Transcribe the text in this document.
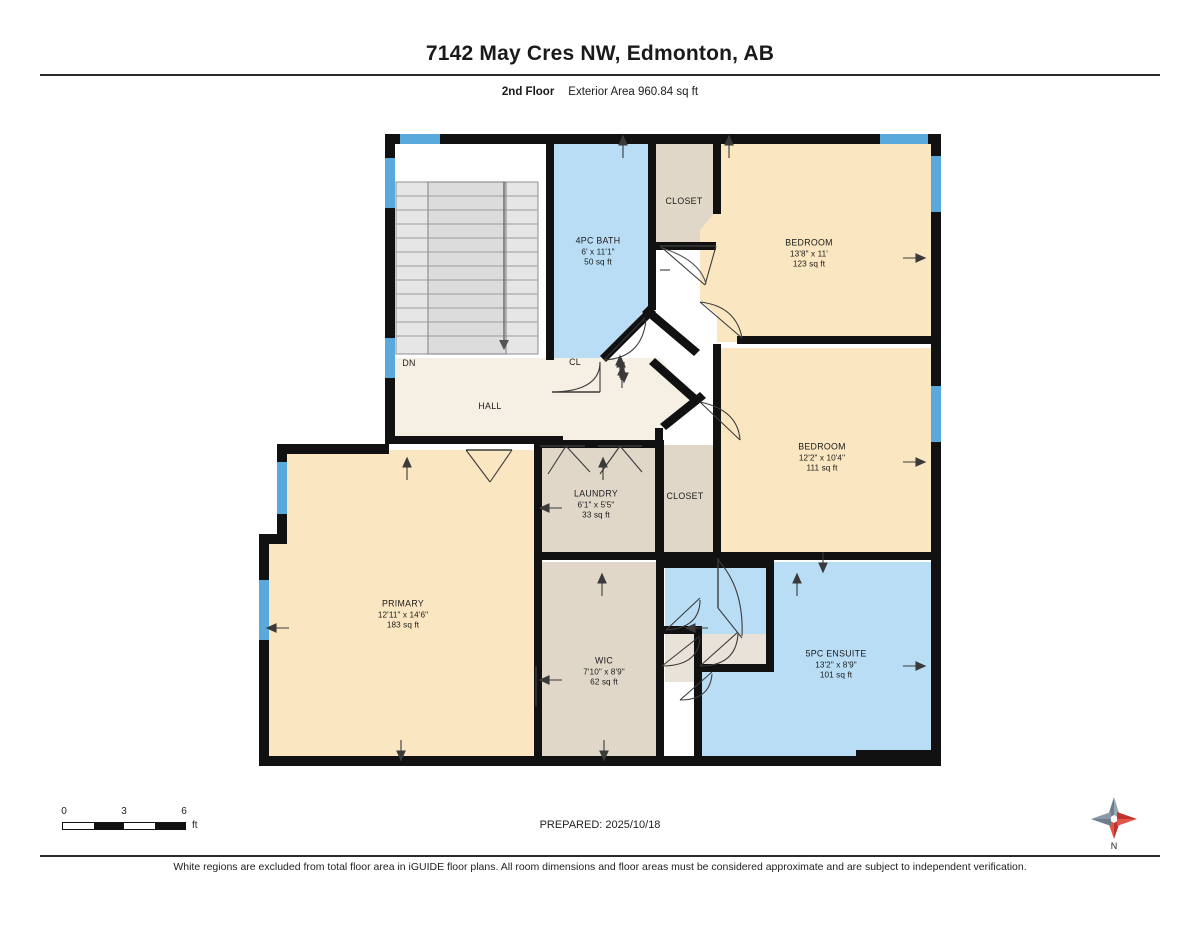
7142 May Cres NW, Edmonton, AB
2nd Floor Exterior Area 960.84 sq ft
4PC BATH
6' x 11'1"
50 sq ft
CLOSET
BEDROOM
13'8" x 11'
123 sq ft
DN	CL
HALL
BEDROOM
12'2" x 10'4"
111 sq ft
LAUNDRY
6'1" x 5'5"
33 sq ft
CLOSET
PRIMARY
12'11" x 14'6"
183 sq ft
WIC
7'10" x 8'9"
62 sq ft
5PC ENSUITE
13'2" x 8'9"
101 sq ft
0	3	6
ft	PREPARED: 2025/10/18
N
White regions are excluded from total floor area in iGUIDE floor plans. All room dimensions and floor areas must be considered approximate and are subject to independent verification.
